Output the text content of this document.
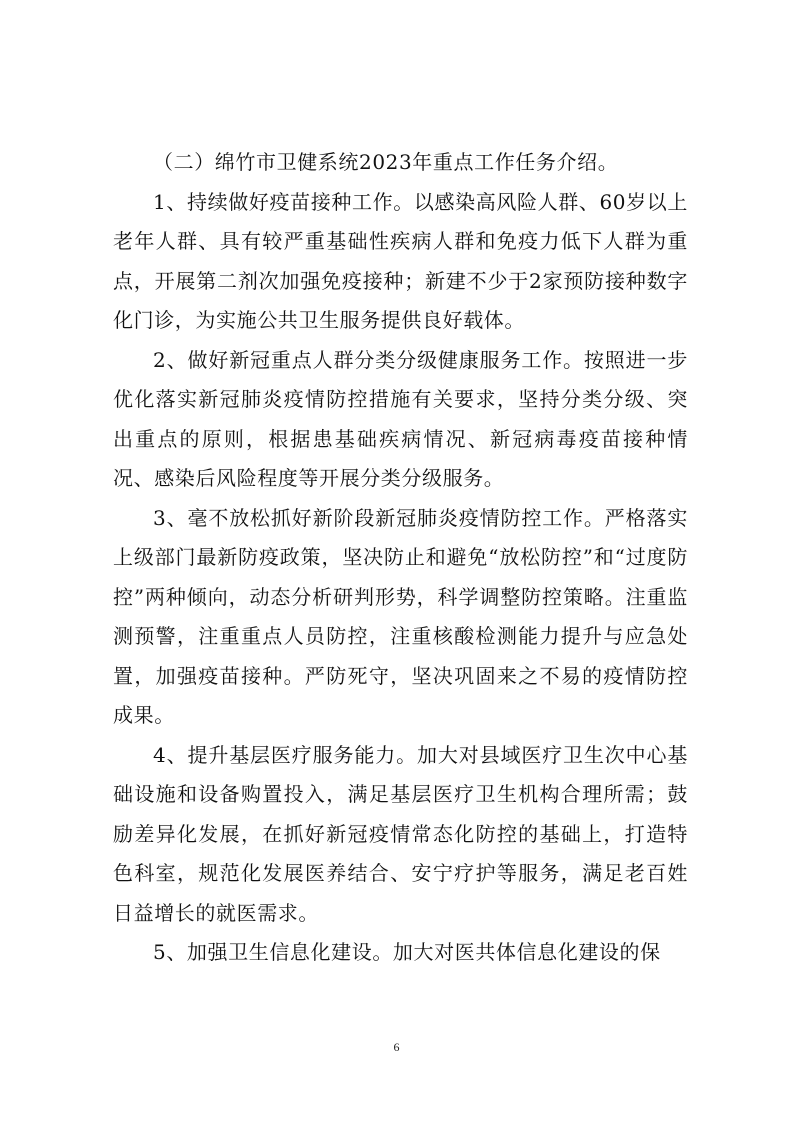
（二）绵竹市卫健系统2023年重点工作任务介绍。

1、持续做好疫苗接种工作。以感染高风险人群、60岁以上老年人群、具有较严重基础性疾病人群和免疫力低下人群为重点，开展第二剂次加强免疫接种；新建不少于2家预防接种数字化门诊，为实施公共卫生服务提供良好载体。

2、做好新冠重点人群分类分级健康服务工作。按照进一步优化落实新冠肺炎疫情防控措施有关要求，坚持分类分级、突出重点的原则，根据患基础疾病情况、新冠病毒疫苗接种情况、感染后风险程度等开展分类分级服务。

3、毫不放松抓好新阶段新冠肺炎疫情防控工作。严格落实上级部门最新防疫政策，坚决防止和避免“放松防控”和“过度防控”两种倾向，动态分析研判形势，科学调整防控策略。注重监测预警，注重重点人员防控，注重核酸检测能力提升与应急处置，加强疫苗接种。严防死守，坚决巩固来之不易的疫情防控成果。

4、提升基层医疗服务能力。加大对县域医疗卫生次中心基础设施和设备购置投入，满足基层医疗卫生机构合理所需；鼓励差异化发展，在抓好新冠疫情常态化防控的基础上，打造特色科室，规范化发展医养结合、安宁疗护等服务，满足老百姓日益增长的就医需求。

5、加强卫生信息化建设。加大对医共体信息化建设的保

6
